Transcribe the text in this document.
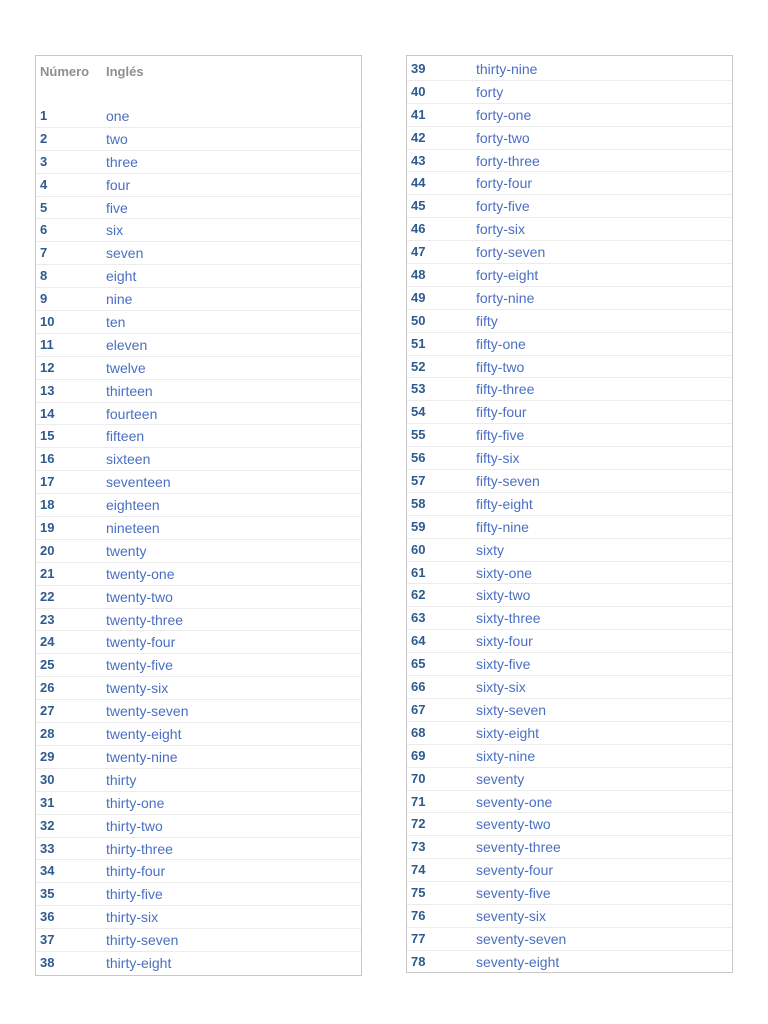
Número Inglés
1	one
2	two
3	three
4	four
5	five
6	six
7	seven
8	eight
9	nine
10	ten
11	eleven
12	twelve
13	thirteen
14	fourteen
15	fifteen
16	sixteen
17	seventeen
18	eighteen
19	nineteen
20	twenty
21	twenty-one
22	twenty-two
23	twenty-three
24	twenty-four
25	twenty-five
26	twenty-six
27	twenty-seven
28	twenty-eight
29	twenty-nine
30	thirty
31	thirty-one
32	thirty-two
33	thirty-three
34	thirty-four
35	thirty-five
36	thirty-six
37	thirty-seven
38	thirty-eight
39	thirty-nine
40	forty
41	forty-one
42	forty-two
43	forty-three
44	forty-four
45	forty-five
46	forty-six
47	forty-seven
48	forty-eight
49	forty-nine
50	fifty
51	fifty-one
52	fifty-two
53	fifty-three
54	fifty-four
55	fifty-five
56	fifty-six
57	fifty-seven
58	fifty-eight
59	fifty-nine
60	sixty
61	sixty-one
62	sixty-two
63	sixty-three
64	sixty-four
65	sixty-five
66	sixty-six
67	sixty-seven
68	sixty-eight
69	sixty-nine
70	seventy
71	seventy-one
72	seventy-two
73	seventy-three
74	seventy-four
75	seventy-five
76	seventy-six
77	seventy-seven
78	seventy-eight
